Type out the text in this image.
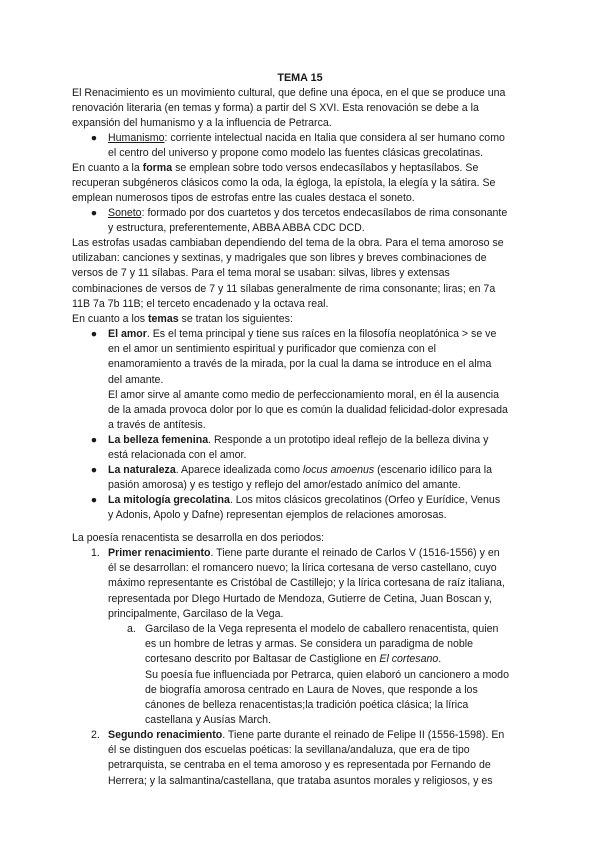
TEMA 15
El Renacimiento es un movimiento cultural, que define una época, en el que se produce una
renovación literaria (en temas y forma) a partir del S XVI. Esta renovación se debe a la
expansión del humanismo y a la influencia de Petrarca.
● Humanismo: corriente intelectual nacida en Italia que considera al ser humano como
el centro del universo y propone como modelo las fuentes clásicas grecolatinas.
En cuanto a la forma se emplean sobre todo versos endecasílabos y heptasílabos. Se
recuperan subgéneros clásicos como la oda, la égloga, la epístola, la elegía y la sátira. Se
emplean numerosos tipos de estrofas entre las cuales destaca el soneto.
● Soneto: formado por dos cuartetos y dos tercetos endecasílabos de rima consonante
y estructura, preferentemente, ABBA ABBA CDC DCD.
Las estrofas usadas cambiaban dependiendo del tema de la obra. Para el tema amoroso se
utilizaban: canciones y sextinas, y madrigales que son libres y breves combinaciones de
versos de 7 y 11 sílabas. Para el tema moral se usaban: silvas, libres y extensas
combinaciones de versos de 7 y 11 sílabas generalmente de rima consonante; liras; en 7a
11B 7a 7b 11B; el terceto encadenado y la octava real.
En cuanto a los temas se tratan los siguientes:
● El amor. Es el tema principal y tiene sus raíces en la filosofía neoplatónica > se ve
en el amor un sentimiento espiritual y purificador que comienza con el
enamoramiento a través de la mirada, por la cual la dama se introduce en el alma
del amante.
El amor sirve al amante como medio de perfeccionamiento moral, en él la ausencia
de la amada provoca dolor por lo que es común la dualidad felicidad-dolor expresada
a través de antítesis.
● La belleza femenina. Responde a un prototipo ideal reflejo de la belleza divina y
está relacionada con el amor.
● La naturaleza. Aparece idealizada como locus amoenus (escenario idílico para la
pasión amorosa) y es testigo y reflejo del amor/estado anímico del amante.
● La mitología grecolatina. Los mitos clásicos grecolatinos (Orfeo y Eurídice, Venus
y Adonis, Apolo y Dafne) representan ejemplos de relaciones amorosas.
La poesía renacentista se desarrolla en dos periodos:
1. Primer renacimiento. Tiene parte durante el reinado de Carlos V (1516-1556) y en
él se desarrollan: el romancero nuevo; la lírica cortesana de verso castellano, cuyo
máximo representante es Cristóbal de Castillejo; y la lírica cortesana de raíz italiana,
representada por DIego Hurtado de Mendoza, Gutierre de Cetina, Juan Boscan y,
principalmente, Garcilaso de la Vega.
a. Garcilaso de la Vega representa el modelo de caballero renacentista, quien
es un hombre de letras y armas. Se considera un paradigma de noble
cortesano descrito por Baltasar de Castiglione en El cortesano.
Su poesía fue influenciada por Petrarca, quien elaboró un cancionero a modo
de biografía amorosa centrado en Laura de Noves, que responde a los
cánones de belleza renacentistas;la tradición poética clásica; la lírica
castellana y Ausías March.
2. Segundo renacimiento. Tiene parte durante el reinado de Felipe II (1556-1598). En
él se distinguen dos escuelas poéticas: la sevillana/andaluza, que era de tipo
petrarquista, se centraba en el tema amoroso y es representada por Fernando de
Herrera; y la salmantina/castellana, que trataba asuntos morales y religiosos, y es
